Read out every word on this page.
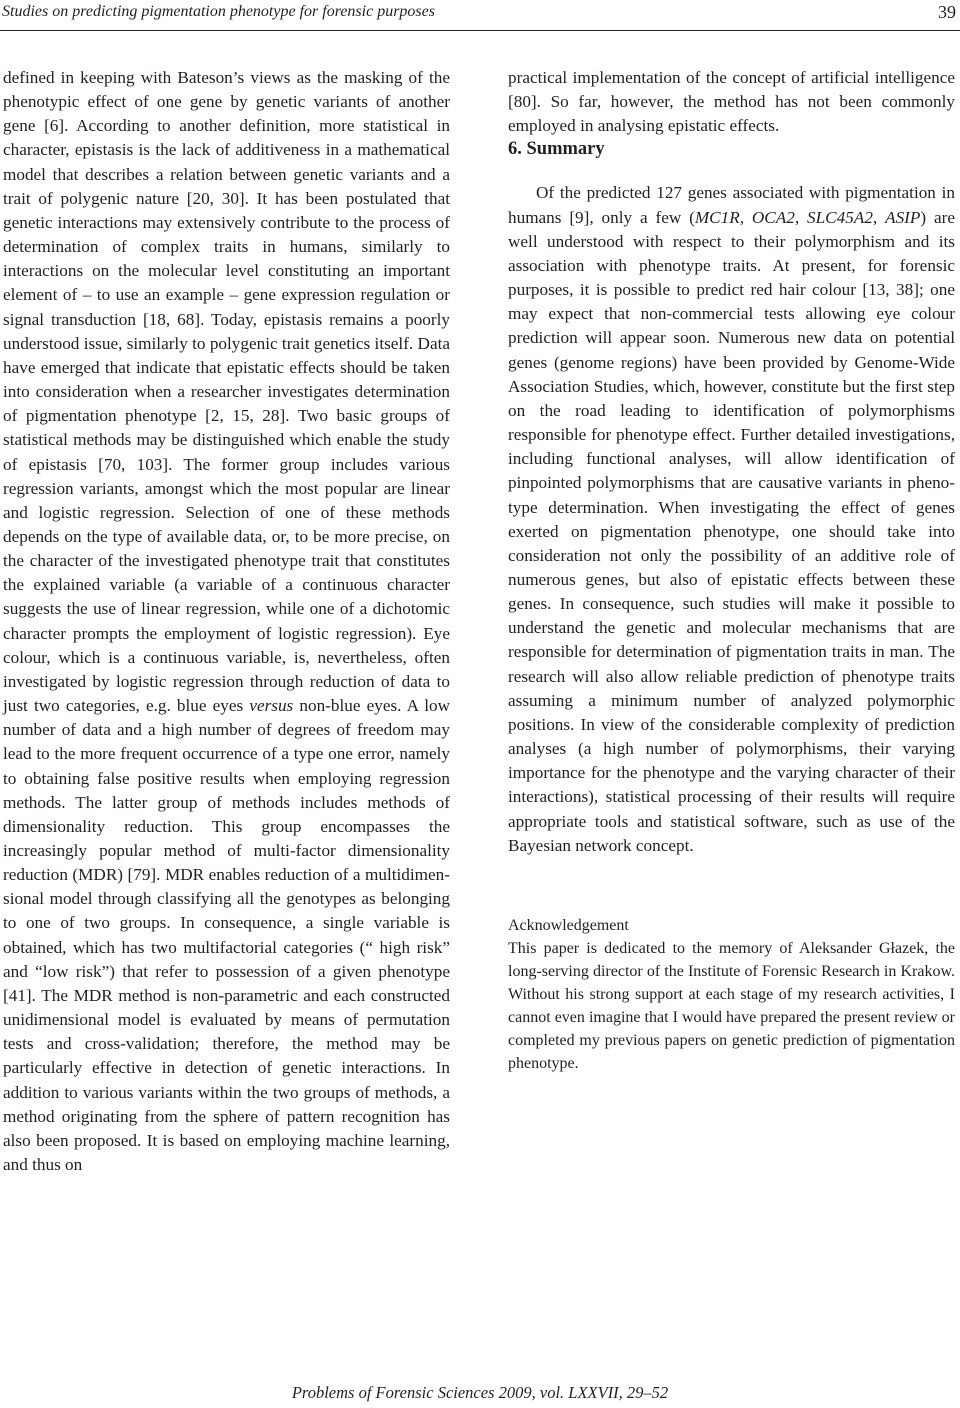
Studies on predicting pigmentation phenotype for forensic purposes	39

defined in keeping with Bateson’s views as the masking of the phenotypic effect of one gene by genetic variants of another gene [6]. According to another definition, more statistical in character, epistasis is the lack of additiveness in a mathematical model that describes a relation between genetic variants and a trait of polygenic nature [20, 30]. It has been postulated that genetic interactions may extensively contribute to the process of determination of complex traits in humans, similarly to interactions on the molecular level constituting an important element of – to use an example – gene expression regulation or signal transduction [18, 68]. Today, epistasis remains a poorly understood issue, similarly to polygenic trait genetics itself. Data have emerged that indicate that epistatic effects should be taken into consideration when a researcher investigates determination of pigmentation phenotype [2, 15, 28]. Two basic groups of statistical methods may be distinguished which enable the study of epistasis [70, 103]. The former group includes various regression variants, amongst which the most popular are linear and logistic regression. Selection of one of these methods depends on the type of available data, or, to be more precise, on the character of the investigated phenotype trait that constitutes the explained variable (a variable of a continuous character suggests the use of linear regression, while one of a dichotomic character prompts the employment of logistic regression). Eye colour, which is a continuous variable, is, nevertheless, often investigated by logistic regression through reduction of data to just two categories, e.g. blue eyes versus non-blue eyes. A low number of data and a high number of degrees of freedom may lead to the more frequent occurrence of a type one error, namely to obtaining false positive results when employing regression methods. The latter group of methods includes methods of dimensionality reduction. This group encompasses the increasingly popular method of multi-factor dimensionality reduction (MDR) [79]. MDR enables reduction of a multidimensional model through classifying all the genotypes as belonging to one of two groups. In consequence, a single variable is obtained, which has two multifactorial categories (“ high risk” and “low risk”) that refer to possession of a given phenotype [41]. The MDR method is non-parametric and each constructed unidimensional model is evaluated by means of permutation tests and cross-validation; therefore, the method may be particularly effective in detection of genetic interactions. In addition to various variants within the two groups of methods, a method originating from the sphere of pattern recognition has also been proposed. It is based on employing machine learning, and thus on

practical implementation of the concept of artificial intelligence [80]. So far, however, the method has not been commonly employed in analysing epistatic effects.

6. Summary

Of the predicted 127 genes associated with pigmentation in humans [9], only a few (MC1R, OCA2, SLC45A2, ASIP) are well understood with respect to their polymorphism and its association with phenotype traits. At present, for forensic purposes, it is possible to predict red hair colour [13, 38]; one may expect that non-commercial tests allowing eye colour prediction will appear soon. Numerous new data on potential genes (genome regions) have been provided by Genome-Wide Association Studies, which, however, constitute but the first step on the road leading to identification of polymorphisms responsible for phenotype effect. Further detailed investigations, including functional analyses, will allow identification of pinpointed polymorphisms that are causative variants in phenotype determination. When investigating the effect of genes exerted on pigmentation phenotype, one should take into consideration not only the possibility of an additive role of numerous genes, but also of epistatic effects between these genes. In consequence, such studies will make it possible to understand the genetic and molecular mechanisms that are responsible for determination of pigmentation traits in man. The research will also allow reliable prediction of phenotype traits assuming a minimum number of analyzed polymorphic positions. In view of the considerable complexity of prediction analyses (a high number of polymorphisms, their varying importance for the phenotype and the varying character of their interactions), statistical processing of their results will require appropriate tools and statistical software, such as use of the Bayesian network concept.

Acknowledgement

This paper is dedicated to the memory of Aleksander Głazek, the long-serving director of the Institute of Forensic Research in Krakow. Without his strong support at each stage of my research activities, I cannot even imagine that I would have prepared the present review or completed my previous papers on genetic prediction of pigmentation phenotype.

Problems of Forensic Sciences 2009, vol. LXXVII, 29–52
